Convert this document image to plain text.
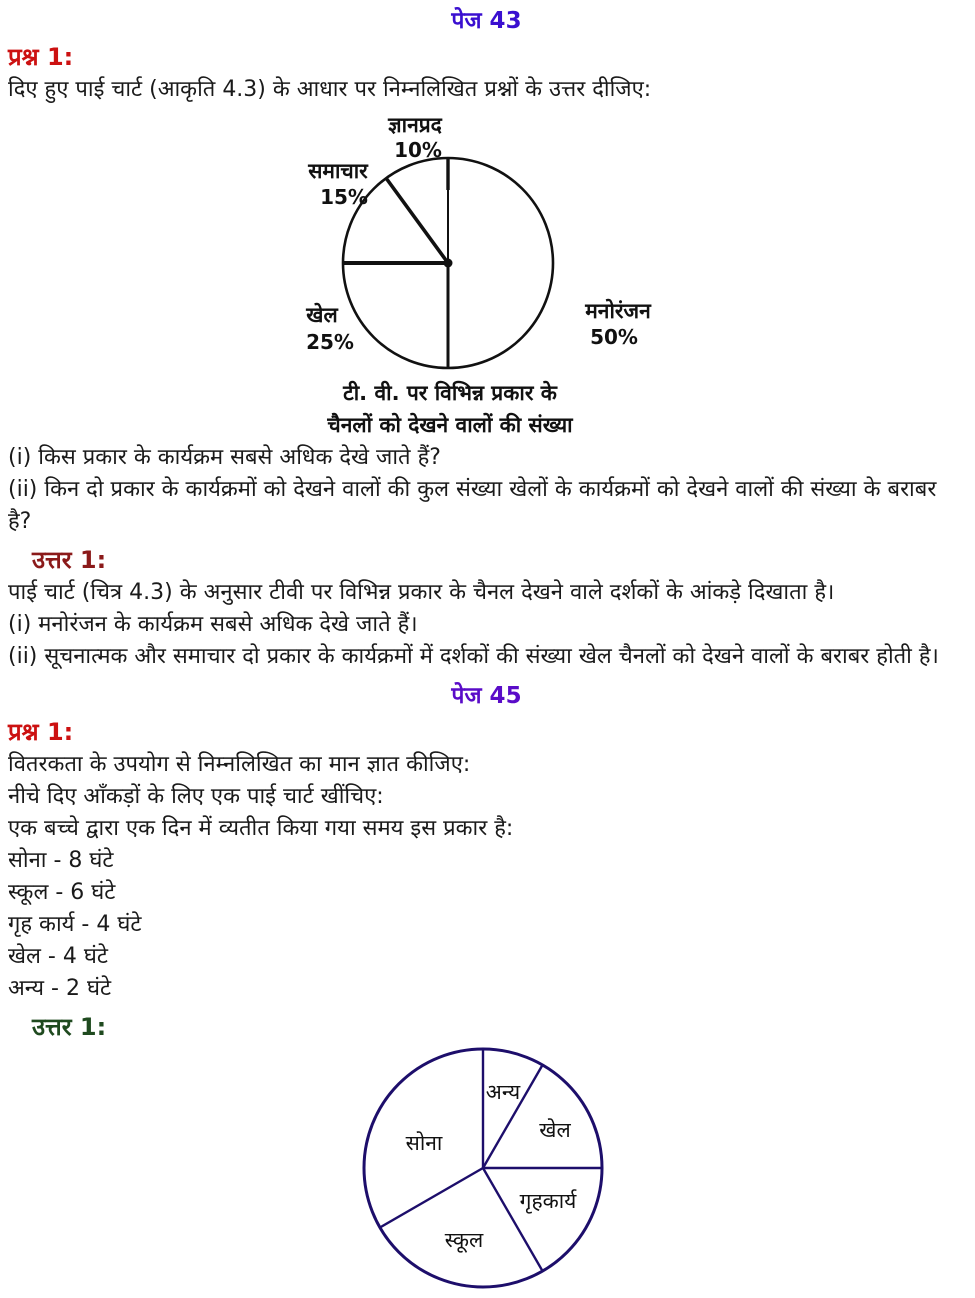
पेज 43
प्रश्न 1:

दिए हुए पाई चार्ट (आकृति 4.3) के आधार पर निम्नलिखित प्रश्नों के उत्तर दीजिए:

ज्ञानप्रद
10%
समाचार
15%
खेल
25%
मनोरंजन
50%
टी. वी. पर विभिन्न प्रकार के
चैनलों को देखने वालों की संख्या

(i) किस प्रकार के कार्यक्रम सबसे अधिक देखे जाते हैं?

(ii) किन दो प्रकार के कार्यक्रमों को देखने वालों की कुल संख्या खेलों के कार्यक्रमों को देखने वालों की संख्या के बराबर है?

उत्तर 1:

पाई चार्ट (चित्र 4.3) के अनुसार टीवी पर विभिन्न प्रकार के चैनल देखने वाले दर्शकों के आंकड़े दिखाता है।

(i) मनोरंजन के कार्यक्रम सबसे अधिक देखे जाते हैं।

(ii) सूचनात्मक और समाचार दो प्रकार के कार्यक्रमों में दर्शकों की संख्या खेल चैनलों को देखने वालों के बराबर होती है।

पेज 45
प्रश्न 1:

वितरकता के उपयोग से निम्नलिखित का मान ज्ञात कीजिए:

नीचे दिए आँकड़ों के लिए एक पाई चार्ट खींचिए:

एक बच्चे द्वारा एक दिन में व्यतीत किया गया समय इस प्रकार है:

सोना - 8 घंटे

स्कूल - 6 घंटे

गृह कार्य - 4 घंटे

खेल - 4 घंटे

अन्य - 2 घंटे

उत्तर 1:
अन्य
खेल
गृहकार्य
स्कूल
सोना
